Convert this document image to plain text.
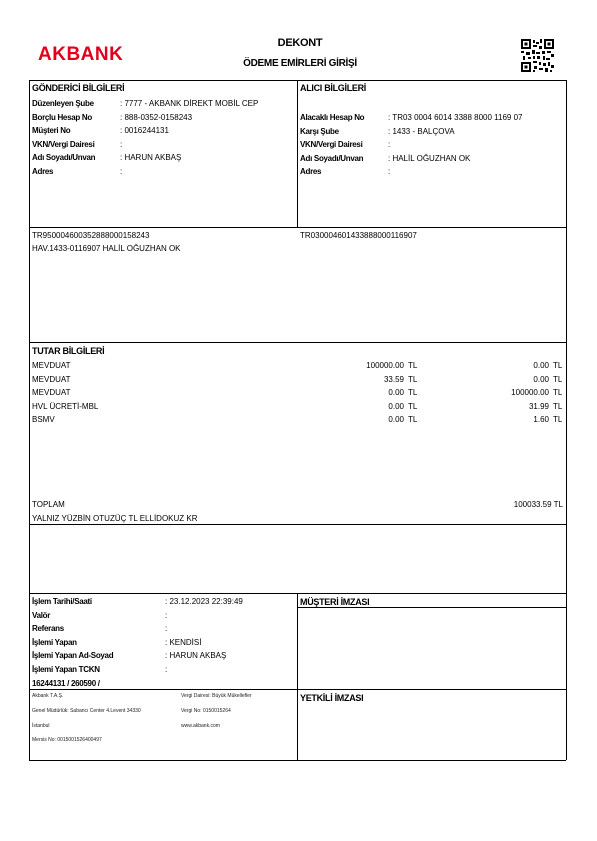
AKBANK
DEKONT
ÖDEME EMİRLERİ GİRİŞİ
GÖNDERİCİ BİLGİLERİ
Düzenleyen Şube	: 7777 - AKBANK DİREKT MOBİL CEP
Borçlu Hesap No	: 888-0352-0158243
Müşteri No	: 0016244131
VKN/Vergi Dairesi	:
Adı Soyadı/Unvan	: HARUN AKBAŞ
Adres	:
ALICI BİLGİLERİ
Alacaklı Hesap No	: TR03 0004 6014 3388 8000 1169 07
Karşı Şube	: 1433 - BALÇOVA
VKN/Vergi Dairesi	:
Adı Soyadı/Unvan	: HALİL OĞUZHAN OK
Adres	:
TR950004600352888000158243	TR030004601433888000116907
HAV.1433-0116907 HALİL OĞUZHAN OK
TUTAR BİLGİLERİ
MEVDUAT	100000.00 TL	0.00 TL
MEVDUAT	33.59 TL	0.00 TL
MEVDUAT	0.00 TL	100000.00 TL
HVL ÜCRETİ-MBL	0.00 TL	31.99 TL
BSMV	0.00 TL	1.60 TL
TOPLAM	100033.59 TL
YALNIZ YÜZBİN OTUZÜÇ TL ELLİDOKUZ KR
İşlem Tarihi/Saati	: 23.12.2023 22:39:49
Valör	:
Referans	:
İşlemi Yapan	: KENDİSİ
İşlemi Yapan Ad-Soyad	: HARUN AKBAŞ
İşlemi Yapan TCKN	:
16244131 / 260590 /
MÜŞTERİ İMZASI
YETKİLİ İMZASI
Akbank T.A.Ş.
Genel Müdürlük: Sabancı Center 4.Levent 34330
İstanbul
Mersis No: 0015001526400497
Vergi Dairesi: Büyük Mükellefler
Vergi No: 0150015264
www.akbank.com
